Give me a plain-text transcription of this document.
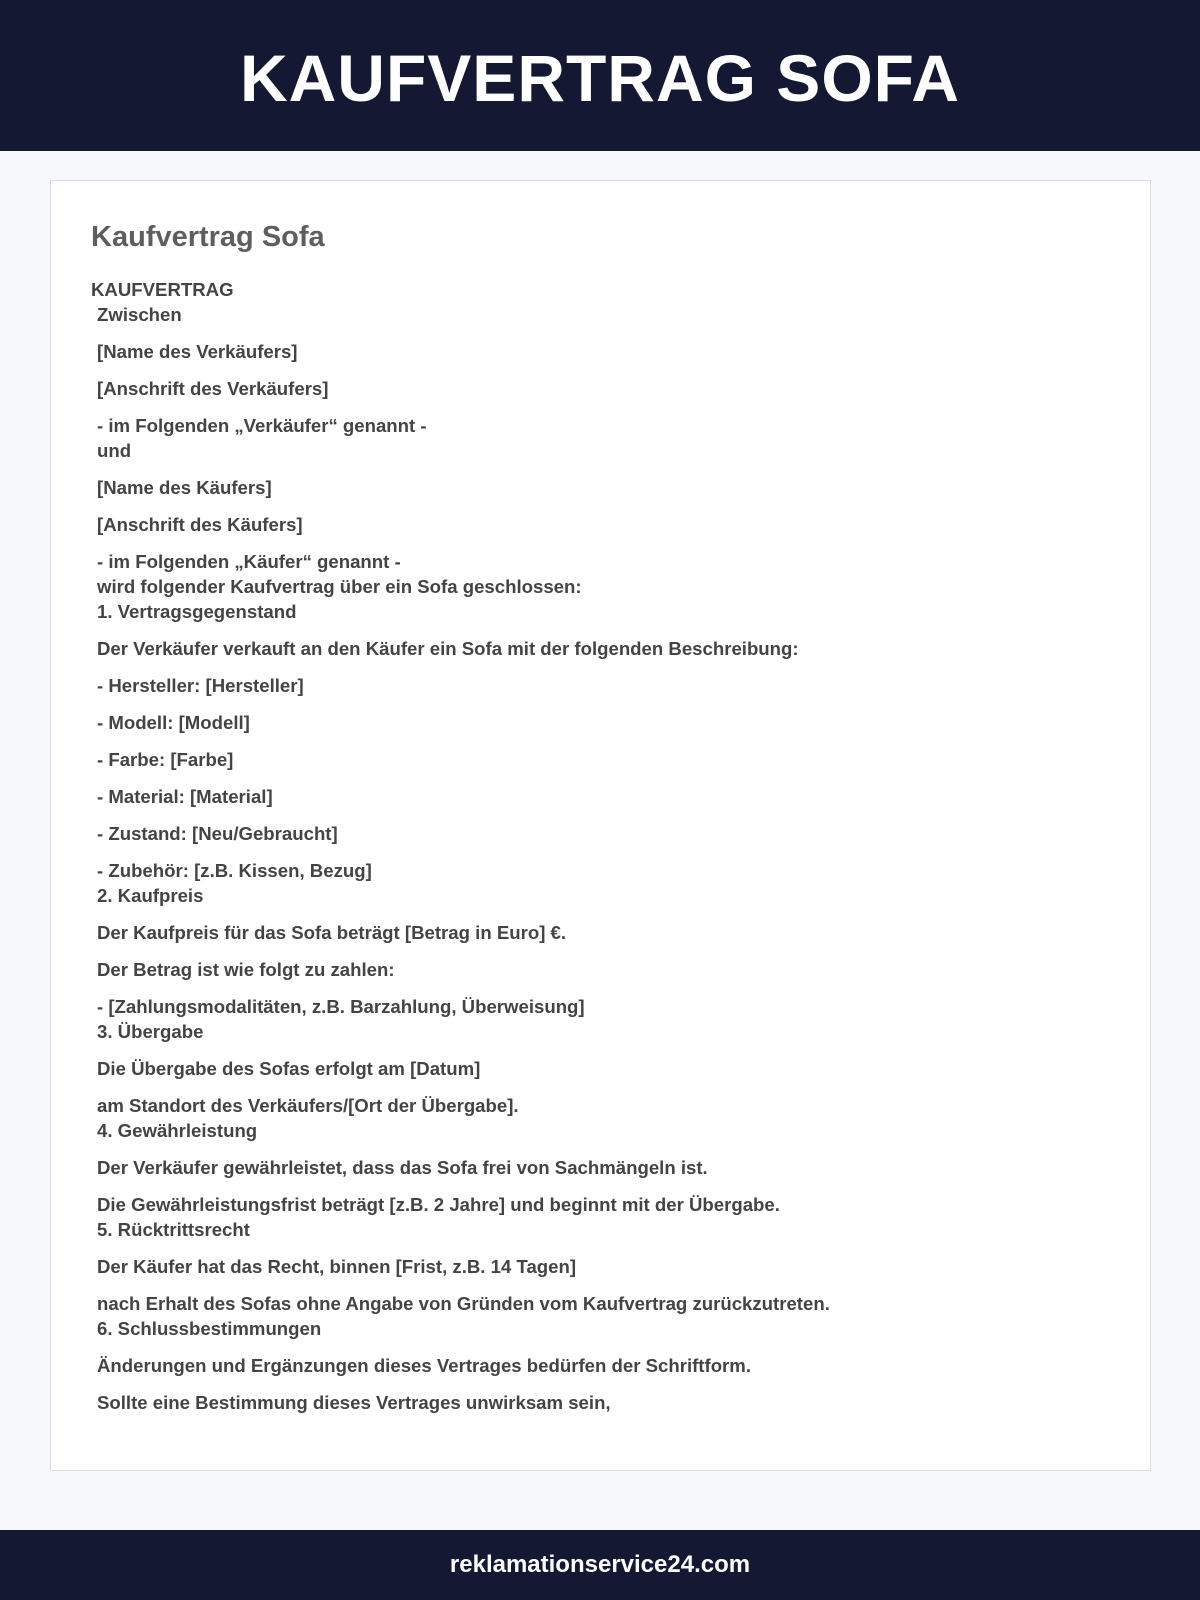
KAUFVERTRAG SOFA
Kaufvertrag Sofa
KAUFVERTRAG
Zwischen
[Name des Verkäufers]
[Anschrift des Verkäufers]
- im Folgenden „Verkäufer“ genannt -
und
[Name des Käufers]
[Anschrift des Käufers]
- im Folgenden „Käufer“ genannt -
wird folgender Kaufvertrag über ein Sofa geschlossen:
1. Vertragsgegenstand
Der Verkäufer verkauft an den Käufer ein Sofa mit der folgenden Beschreibung:
- Hersteller: [Hersteller]
- Modell: [Modell]
- Farbe: [Farbe]
- Material: [Material]
- Zustand: [Neu/Gebraucht]
- Zubehör: [z.B. Kissen, Bezug]
2. Kaufpreis
Der Kaufpreis für das Sofa beträgt [Betrag in Euro] €.
Der Betrag ist wie folgt zu zahlen:
- [Zahlungsmodalitäten, z.B. Barzahlung, Überweisung]
3. Übergabe
Die Übergabe des Sofas erfolgt am [Datum]
am Standort des Verkäufers/[Ort der Übergabe].
4. Gewährleistung
Der Verkäufer gewährleistet, dass das Sofa frei von Sachmängeln ist.
Die Gewährleistungsfrist beträgt [z.B. 2 Jahre] und beginnt mit der Übergabe.
5. Rücktrittsrecht
Der Käufer hat das Recht, binnen [Frist, z.B. 14 Tagen]
nach Erhalt des Sofas ohne Angabe von Gründen vom Kaufvertrag zurückzutreten.
6. Schlussbestimmungen
Änderungen und Ergänzungen dieses Vertrages bedürfen der Schriftform.
Sollte eine Bestimmung dieses Vertrages unwirksam sein,
reklamationservice24.com
